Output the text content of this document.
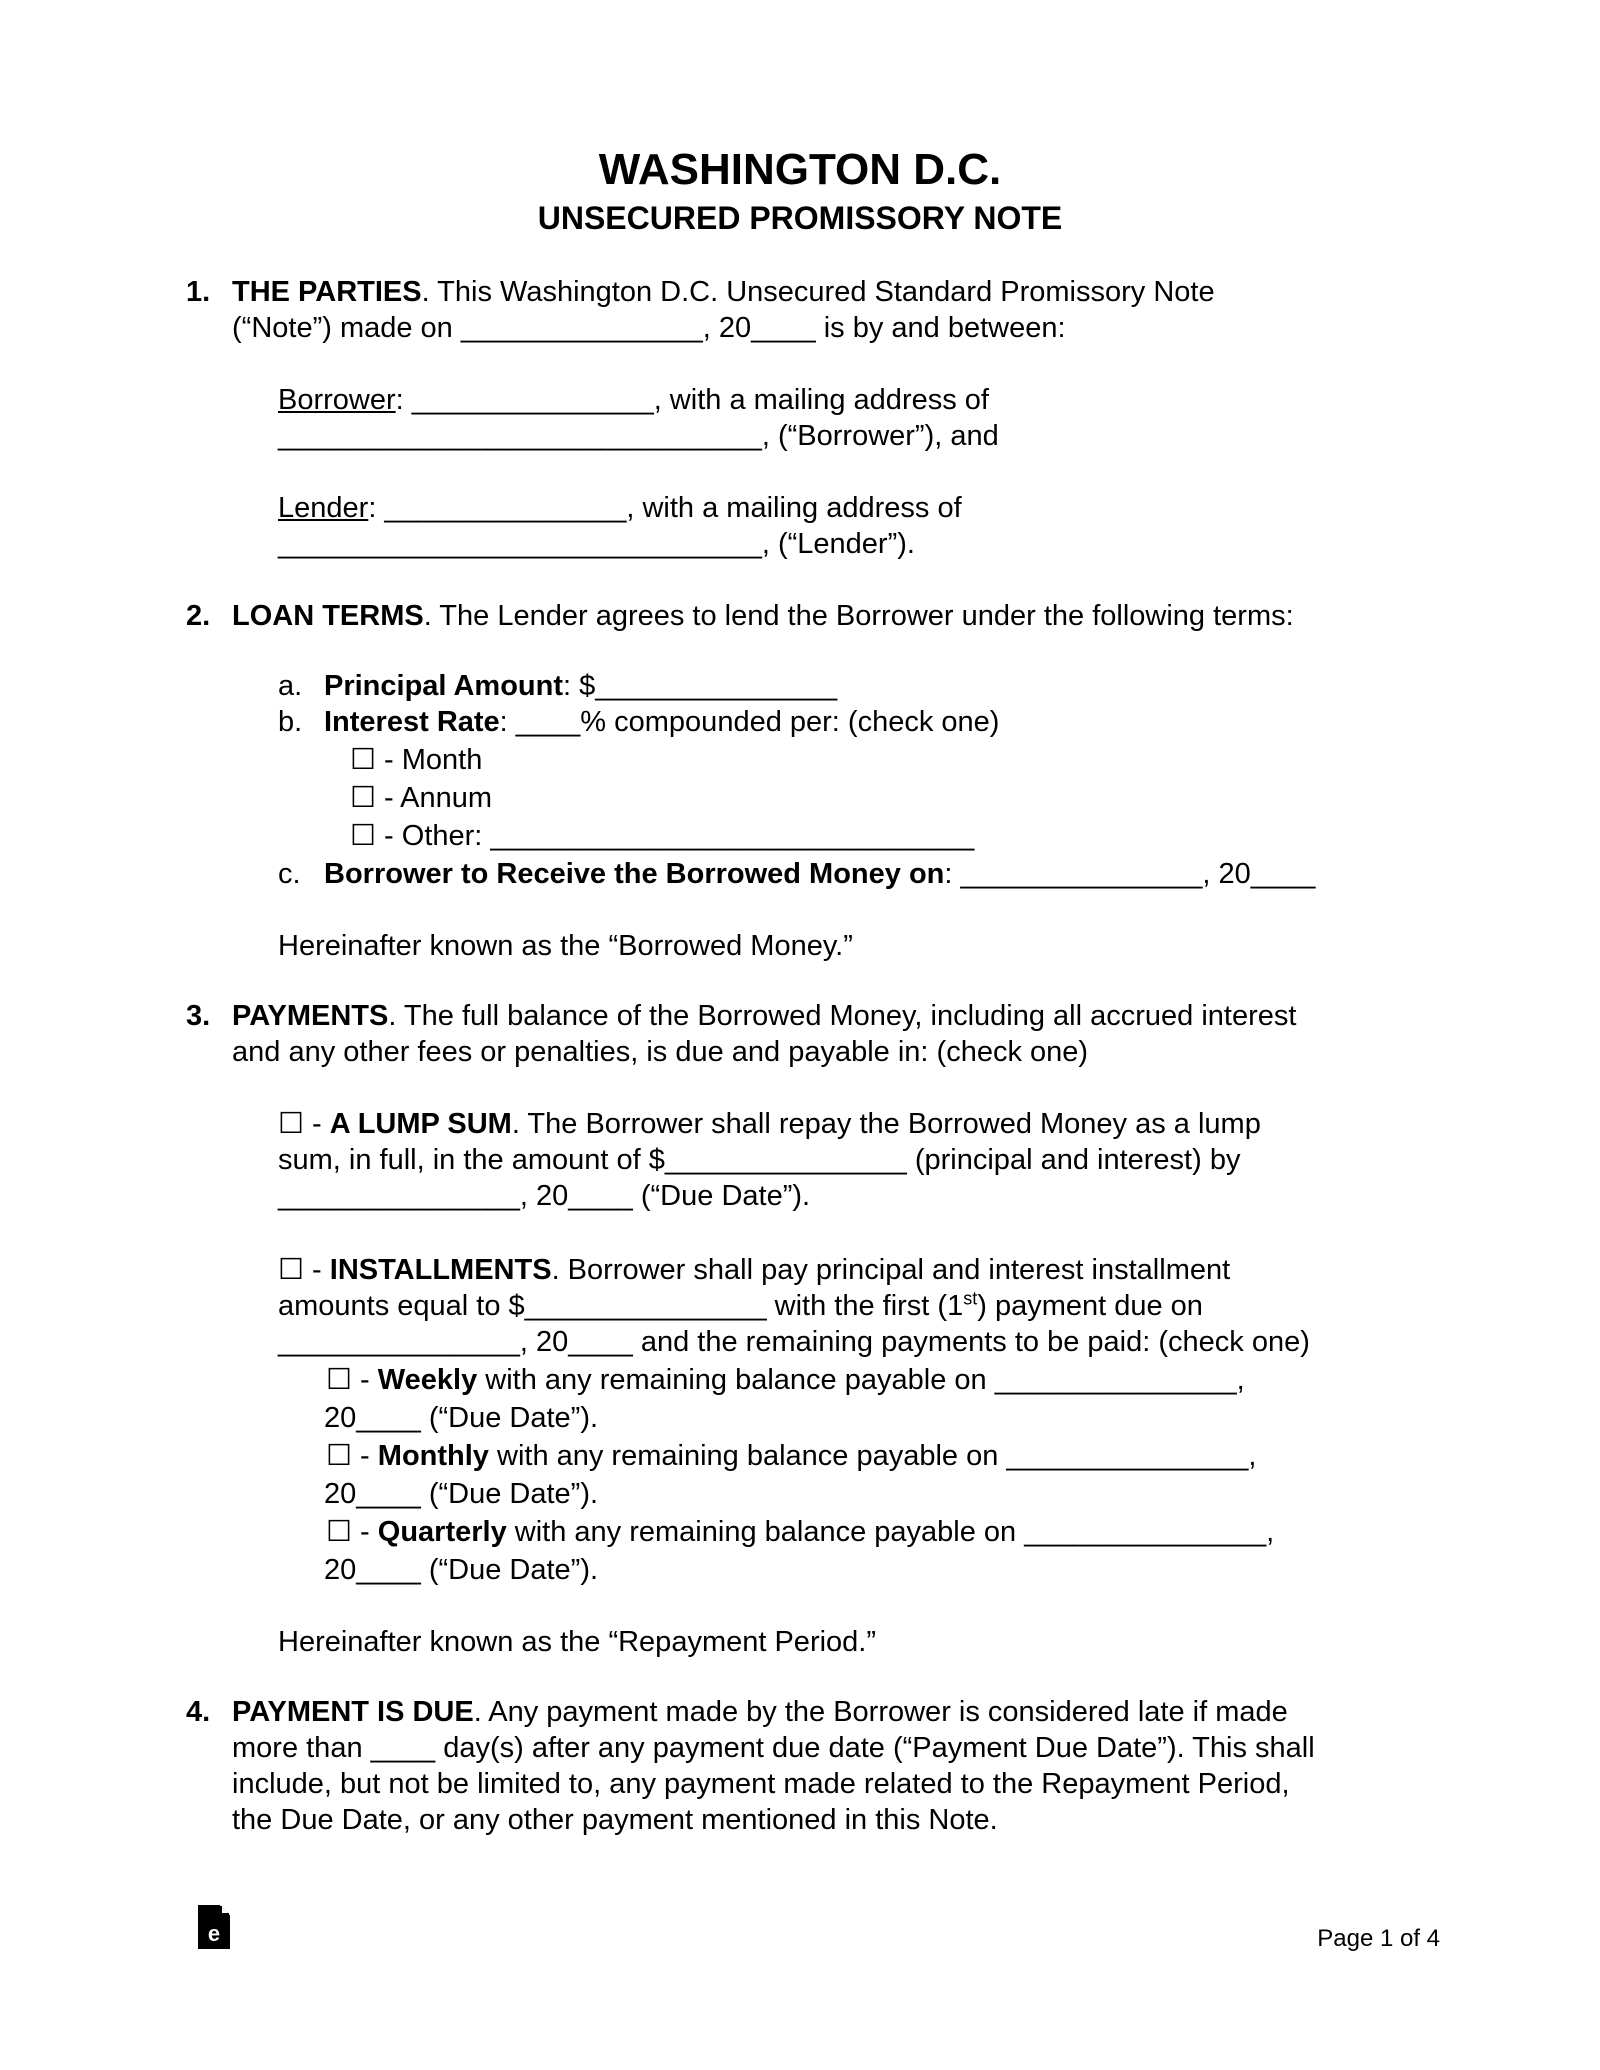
WASHINGTON D.C.
UNSECURED PROMISSORY NOTE
1. THE PARTIES. This Washington D.C. Unsecured Standard Promissory Note
(“Note”) made on _______________, 20____ is by and between:
Borrower: _______________, with a mailing address of
______________________________, (“Borrower”), and
Lender: _______________, with a mailing address of
______________________________, (“Lender”).
2. LOAN TERMS. The Lender agrees to lend the Borrower under the following terms:
a. Principal Amount: $_______________
b. Interest Rate: ____% compounded per: (check one)
☐ - Month
☐ - Annum
☐ - Other: ______________________________
c. Borrower to Receive the Borrowed Money on: _______________, 20____
Hereinafter known as the “Borrowed Money.”
3. PAYMENTS. The full balance of the Borrowed Money, including all accrued interest
and any other fees or penalties, is due and payable in: (check one)
☐ - A LUMP SUM. The Borrower shall repay the Borrowed Money as a lump
sum, in full, in the amount of $_______________ (principal and interest) by
_______________, 20____ (“Due Date”).
☐ - INSTALLMENTS. Borrower shall pay principal and interest installment
amounts equal to $_______________ with the first (1st) payment due on
_______________, 20____ and the remaining payments to be paid: (check one)
☐ - Weekly with any remaining balance payable on _______________,
20____ (“Due Date”).
☐ - Monthly with any remaining balance payable on _______________,
20____ (“Due Date”).
☐ - Quarterly with any remaining balance payable on _______________,
20____ (“Due Date”).
Hereinafter known as the “Repayment Period.”
4. PAYMENT IS DUE. Any payment made by the Borrower is considered late if made
more than ____ day(s) after any payment due date (“Payment Due Date”). This shall
include, but not be limited to, any payment made related to the Repayment Period,
the Due Date, or any other payment mentioned in this Note.
e	Page 1 of 4
